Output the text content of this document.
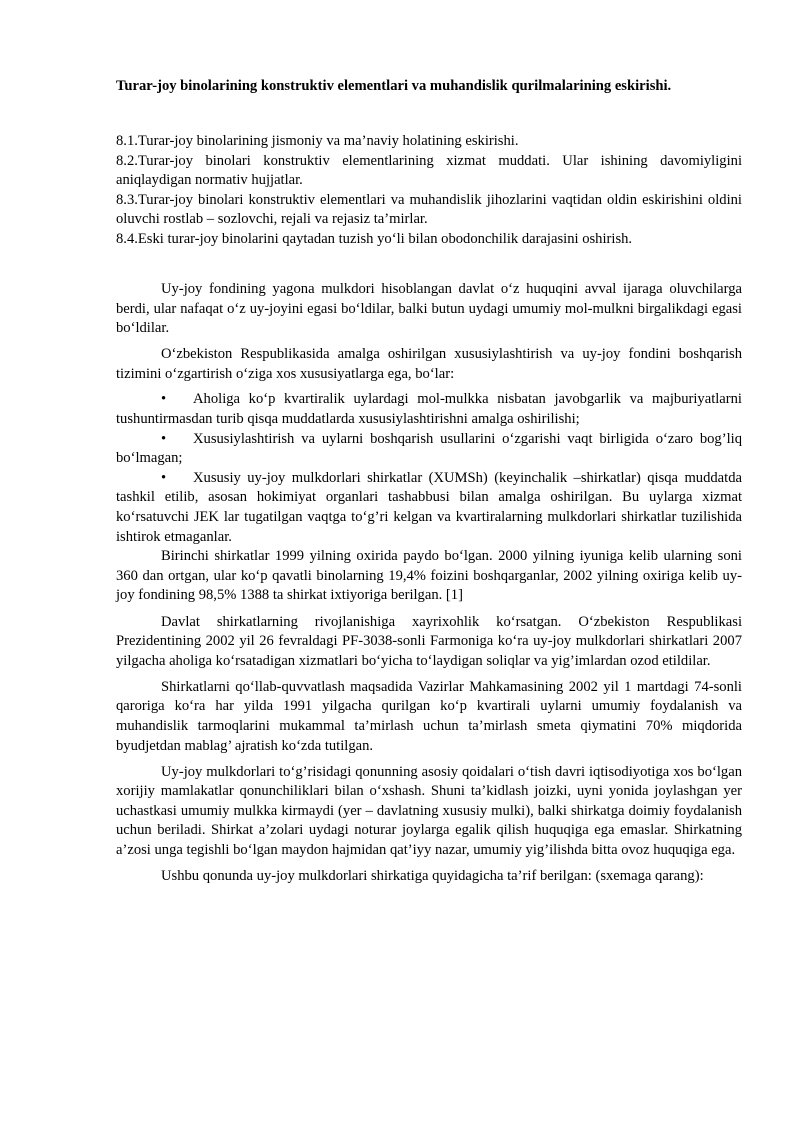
Turar-joy binolarining konstruktiv elementlari va muhandislik qurilmalarining eskirishi.

8.1.Turar-joy binolarining jismoniy va ma’naviy holatining eskirishi.

8.2.Turar-joy binolari konstruktiv elementlarining xizmat muddati. Ular ishining davomiyligini aniqlaydigan normativ hujjatlar.

8.3.Turar-joy binolari konstruktiv elementlari va muhandislik jihozlarini vaqtidan oldin eskirishini oldini oluvchi rostlab – sozlovchi, rejali va rejasiz ta’mirlar.

8.4.Eski turar-joy binolarini qaytadan tuzish yo‘li bilan obodonchilik darajasini oshirish.

Uy-joy fondining yagona mulkdori hisoblangan davlat o‘z huquqini avval ijaraga oluvchilarga berdi, ular nafaqat o‘z uy-joyini egasi bo‘ldilar, balki butun uydagi umumiy mol-mulkni birgalikdagi egasi bo‘ldilar.

O‘zbekiston Respublikasida amalga oshirilgan xususiylashtirish va uy-joy fondini boshqarish tizimini o‘zgartirish o‘ziga xos xususiyatlarga ega, bo‘lar:

• Aholiga ko‘p kvartiralik uylardagi mol-mulkka nisbatan javobgarlik va majburiyatlarni tushuntirmasdan turib qisqa muddatlarda xususiylashtirishni amalga oshirilishi;
• Xususiylashtirish va uylarni boshqarish usullarini o‘zgarishi vaqt birligida o‘zaro bog’liq bo‘lmagan;
• Xususiy uy-joy mulkdorlari shirkatlar (XUMSh) (keyinchalik –shirkatlar) qisqa muddatda tashkil etilib, asosan hokimiyat organlari tashabbusi bilan amalga oshirilgan. Bu uylarga xizmat ko‘rsatuvchi JEK lar tugatilgan vaqtga to‘g’ri kelgan va kvartiralarning mulkdorlari shirkatlar tuzilishida ishtirok etmaganlar.

Birinchi shirkatlar 1999 yilning oxirida paydo bo‘lgan. 2000 yilning iyuniga kelib ularning soni 360 dan ortgan, ular ko‘p qavatli binolarning 19,4% foizini boshqarganlar, 2002 yilning oxiriga kelib uy-joy fondining 98,5% 1388 ta shirkat ixtiyoriga berilgan. [1]

Davlat shirkatlarning rivojlanishiga xayrixohlik ko‘rsatgan. O‘zbekiston Respublikasi Prezidentining 2002 yil 26 fevraldagi PF-3038-sonli Farmoniga ko‘ra uy-joy mulkdorlari shirkatlari 2007 yilgacha aholiga ko‘rsatadigan xizmatlari bo‘yicha to‘laydigan soliqlar va yig’imlardan ozod etildilar.

Shirkatlarni qo‘llab-quvvatlash maqsadida Vazirlar Mahkamasining 2002 yil 1 martdagi 74-sonli qaroriga ko‘ra har yilda 1991 yilgacha qurilgan ko‘p kvartirali uylarni umumiy foydalanish va muhandislik tarmoqlarini mukammal ta’mirlash uchun ta’mirlash smeta qiymatini 70% miqdorida byudjetdan mablag’ ajratish ko‘zda tutilgan.

Uy-joy mulkdorlari to‘g’risidagi qonunning asosiy qoidalari o‘tish davri iqtisodiyotiga xos bo‘lgan xorijiy mamlakatlar qonunchiliklari bilan o‘xshash. Shuni ta’kidlash joizki, uyni yonida joylashgan yer uchastkasi umumiy mulkka kirmaydi (yer – davlatning xususiy mulki), balki shirkatga doimiy foydalanish uchun beriladi. Shirkat a’zolari uydagi noturar joylarga egalik qilish huquqiga ega emaslar. Shirkatning a’zosi unga tegishli bo‘lgan maydon hajmidan qat’iyy nazar, umumiy yig’ilishda bitta ovoz huquqiga ega.

Ushbu qonunda uy-joy mulkdorlari shirkatiga quyidagicha ta’rif berilgan: (sxemaga qarang):
